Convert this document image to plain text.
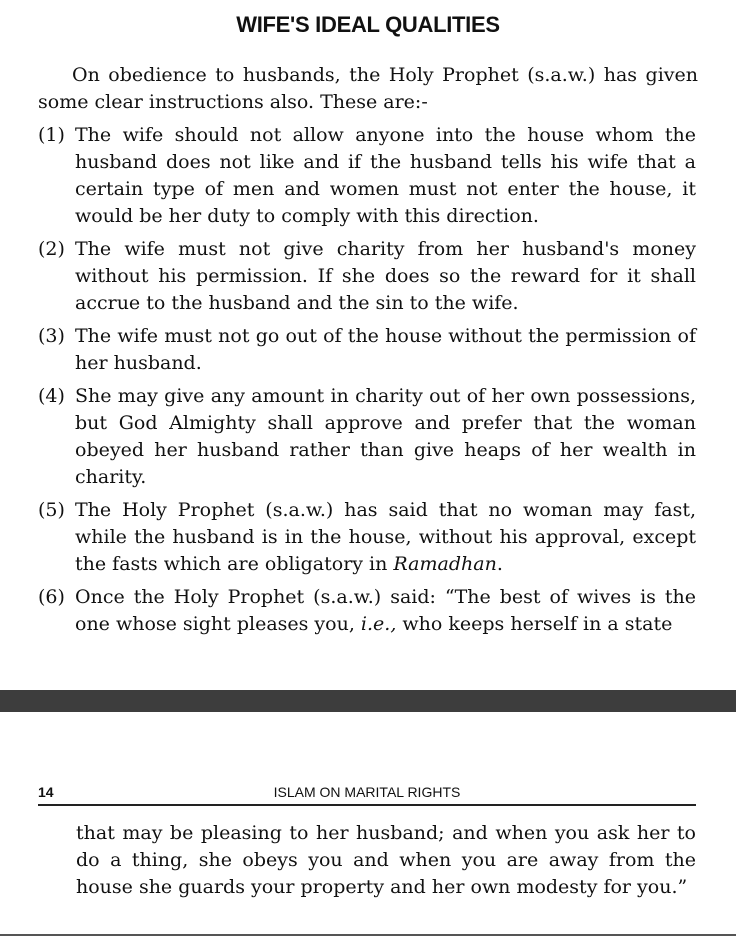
WIFE'S IDEAL QUALITIES
On obedience to husbands, the Holy Prophet (s.a.w.) has given some clear instructions also. These are:-
(1) The wife should not allow anyone into the house whom the husband does not like and if the husband tells his wife that a certain type of men and women must not enter the house, it would be her duty to comply with this direction.
(2) The wife must not give charity from her husband's money without his permission. If she does so the reward for it shall accrue to the husband and the sin to the wife.
(3) The wife must not go out of the house without the permission of her husband.
(4) She may give any amount in charity out of her own possessions, but God Almighty shall approve and prefer that the woman obeyed her husband rather than give heaps of her wealth in charity.
(5) The Holy Prophet (s.a.w.) has said that no woman may fast, while the husband is in the house, without his approval, except the fasts which are obligatory in Ramadhan.
(6) Once the Holy Prophet (s.a.w.) said: “The best of wives is the one whose sight pleases you, i.e., who keeps herself in a state
ISLAM ON MARITAL RIGHTS
14
that may be pleasing to her husband; and when you ask her to do a thing, she obeys you and when you are away from the house she guards your property and her own modesty for you.”
